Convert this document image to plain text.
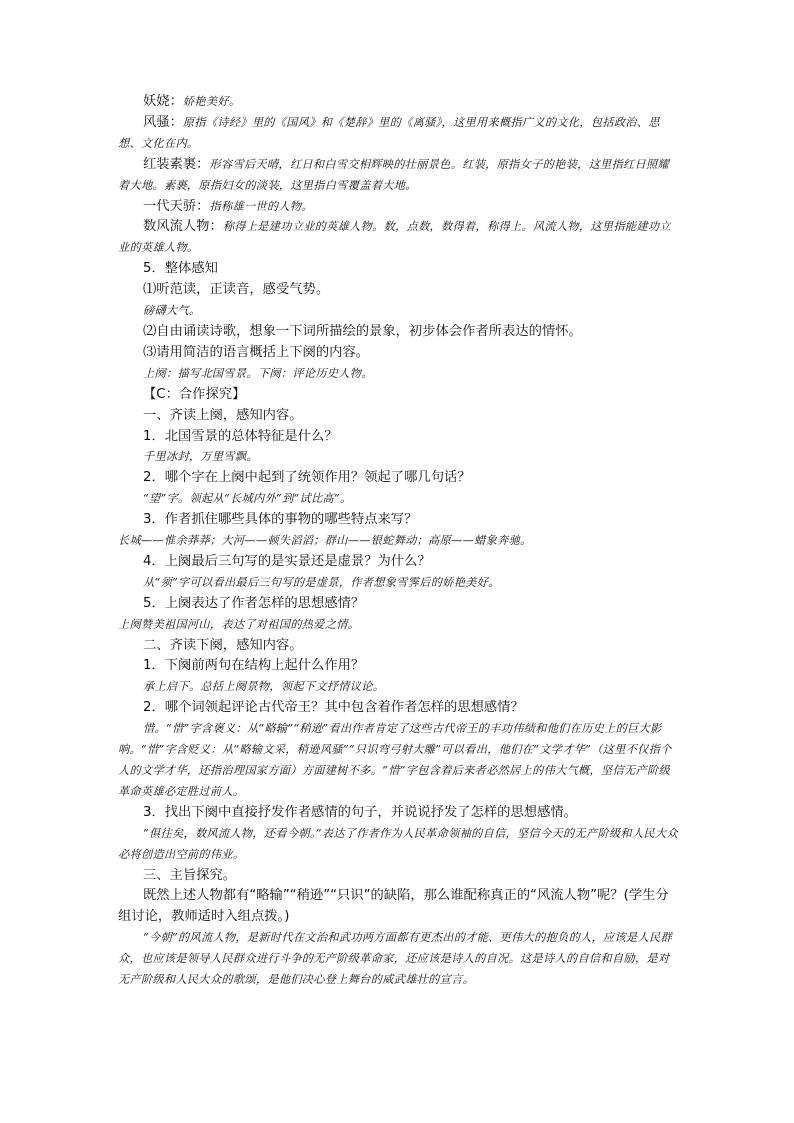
妖娆：娇艳美好。

风骚：原指《诗经》里的《国风》和《楚辞》里的《离骚》，这里用来概指广义的文化，包括政治、思想、文化在内。

红装素裹：形容雪后天晴，红日和白雪交相辉映的壮丽景色。红装，原指女子的艳装，这里指红日照耀着大地。素裹，原指妇女的淡装，这里指白雪覆盖着大地。

一代天骄：指称雄一世的人物。

数风流人物：称得上是建功立业的英雄人物。数，点数，数得着，称得上。风流人物，这里指能建功立业的英雄人物。

5．整体感知

⑴听范读，正读音，感受气势。

磅礴大气。

⑵自由诵读诗歌，想象一下词所描绘的景象，初步体会作者所表达的情怀。

⑶请用简洁的语言概括上下阕的内容。

上阕：描写北国雪景。下阕：评论历史人物。

【C：合作探究】

一、齐读上阕，感知内容。

1．北国雪景的总体特征是什么？

千里冰封，万里雪飘。

2．哪个字在上阕中起到了统领作用？领起了哪几句话？

“望”字。领起从“长城内外”到“试比高”。

3．作者抓住哪些具体的事物的哪些特点来写？

长城——惟余莽莽；大河——顿失滔滔；群山——银蛇舞动；高原——蜡象奔驰。

4．上阕最后三句写的是实景还是虚景？为什么？

从“须”字可以看出最后三句写的是虚景，作者想象雪霁后的娇艳美好。

5．上阕表达了作者怎样的思想感情？

上阕赞美祖国河山，表达了对祖国的热爱之情。

二、齐读下阕，感知内容。

1．下阕前两句在结构上起什么作用？

承上启下。总括上阕景物，领起下文抒情议论。

2．哪个词领起评论古代帝王？其中包含着作者怎样的思想感情？

惜。“惜”字含褒义：从“略输”“稍逊”看出作者肯定了这些古代帝王的丰功伟绩和他们在历史上的巨大影响。“惜”字含贬义：从“略输文采，稍逊风骚”“只识弯弓射大雕”可以看出，他们在“文学才华”（这里不仅指个人的文学才华，还指治理国家方面）方面建树不多。“惜”字包含着后来者必然居上的伟大气概，坚信无产阶级革命英雄必定胜过前人。

3．找出下阕中直接抒发作者感情的句子，并说说抒发了怎样的思想感情。

“俱往矣，数风流人物，还看今朝。”表达了作者作为人民革命领袖的自信，坚信今天的无产阶级和人民大众必将创造出空前的伟业。

三、主旨探究。

既然上述人物都有“略输”“稍逊”“只识”的缺陷，那么谁配称真正的“风流人物”呢？(学生分组讨论，教师适时入组点拨。)

“今朝”的风流人物，是新时代在文治和武功两方面都有更杰出的才能、更伟大的抱负的人，应该是人民群众，也应该是领导人民群众进行斗争的无产阶级革命家，还应该是诗人的自况。这是诗人的自信和自励，是对无产阶级和人民大众的歌颂，是他们决心登上舞台的威武雄壮的宣言。
